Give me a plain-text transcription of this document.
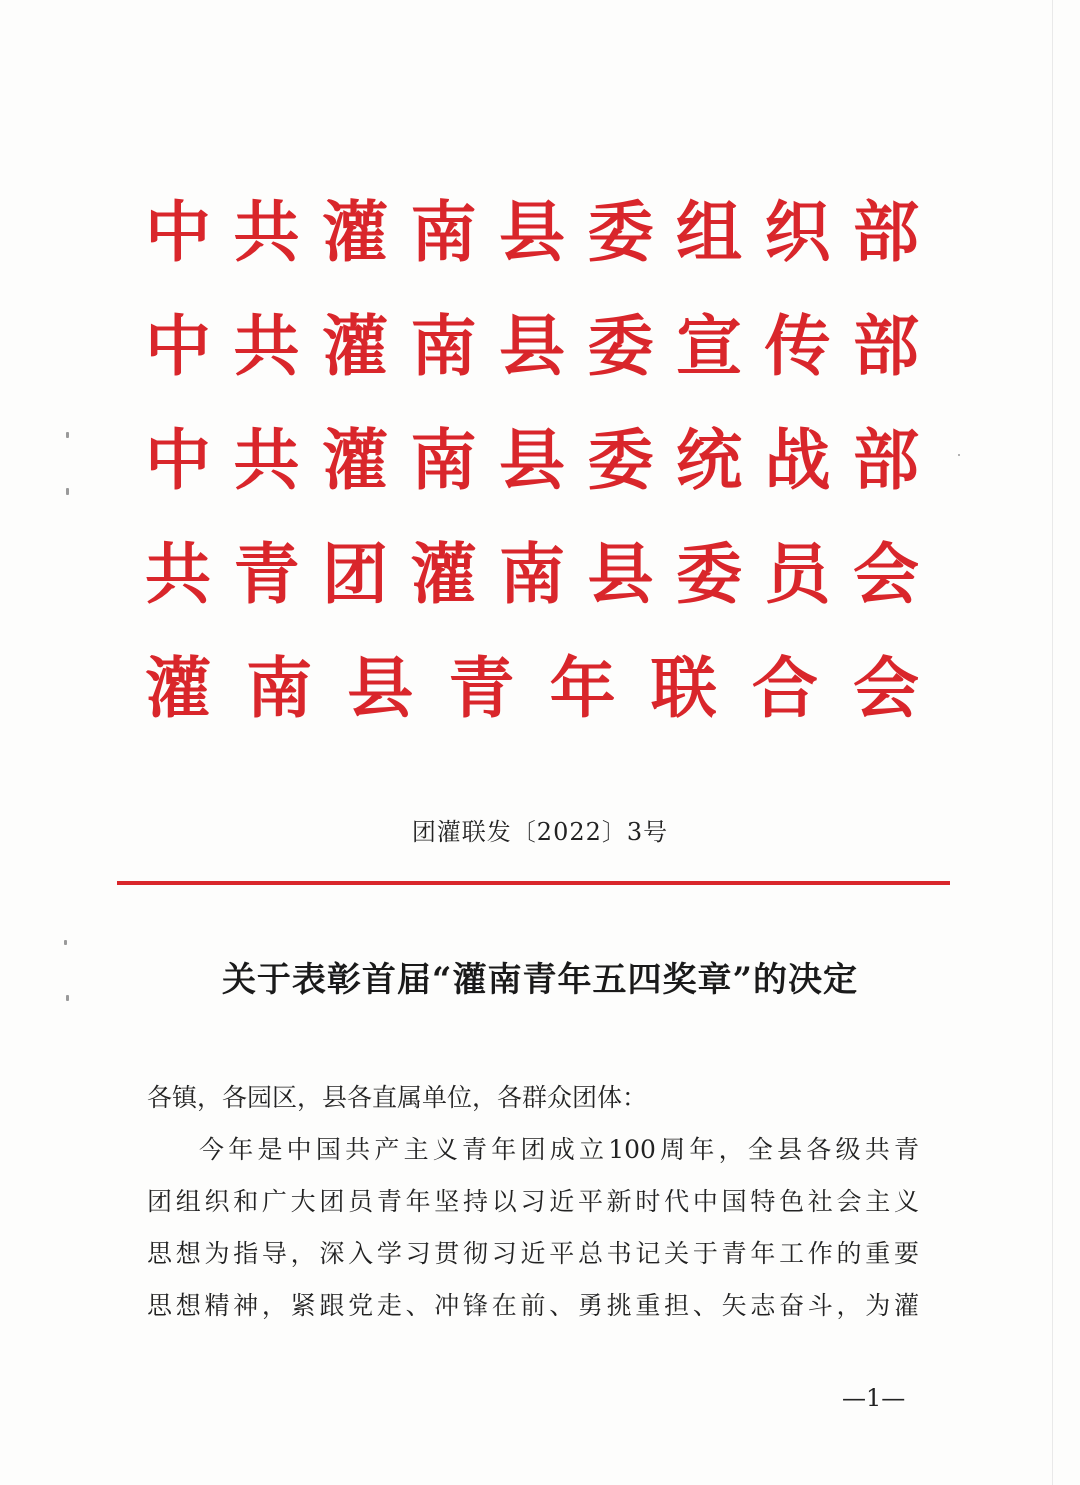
中 共 灌 南 县 委 组 织 部
中 共 灌 南 县 委 宣 传 部
中 共 灌 南 县 委 统 战 部
共 青 团 灌 南 县 委 员 会
灌 南 县 青 年 联 合 会
团灌联发〔2022〕3号
关于表彰首届“灌南青年五四奖章”的决定
各镇，各园区，县各直属单位，各群众团体：
今年是中国共产主义青年团成立100周年，全县各级共青
团组织和广大团员青年坚持以习近平新时代中国特色社会主义
思想为指导，深入学习贯彻习近平总书记关于青年工作的重要
思想精神，紧跟党走、冲锋在前、勇挑重担、矢志奋斗，为灌
—1—
